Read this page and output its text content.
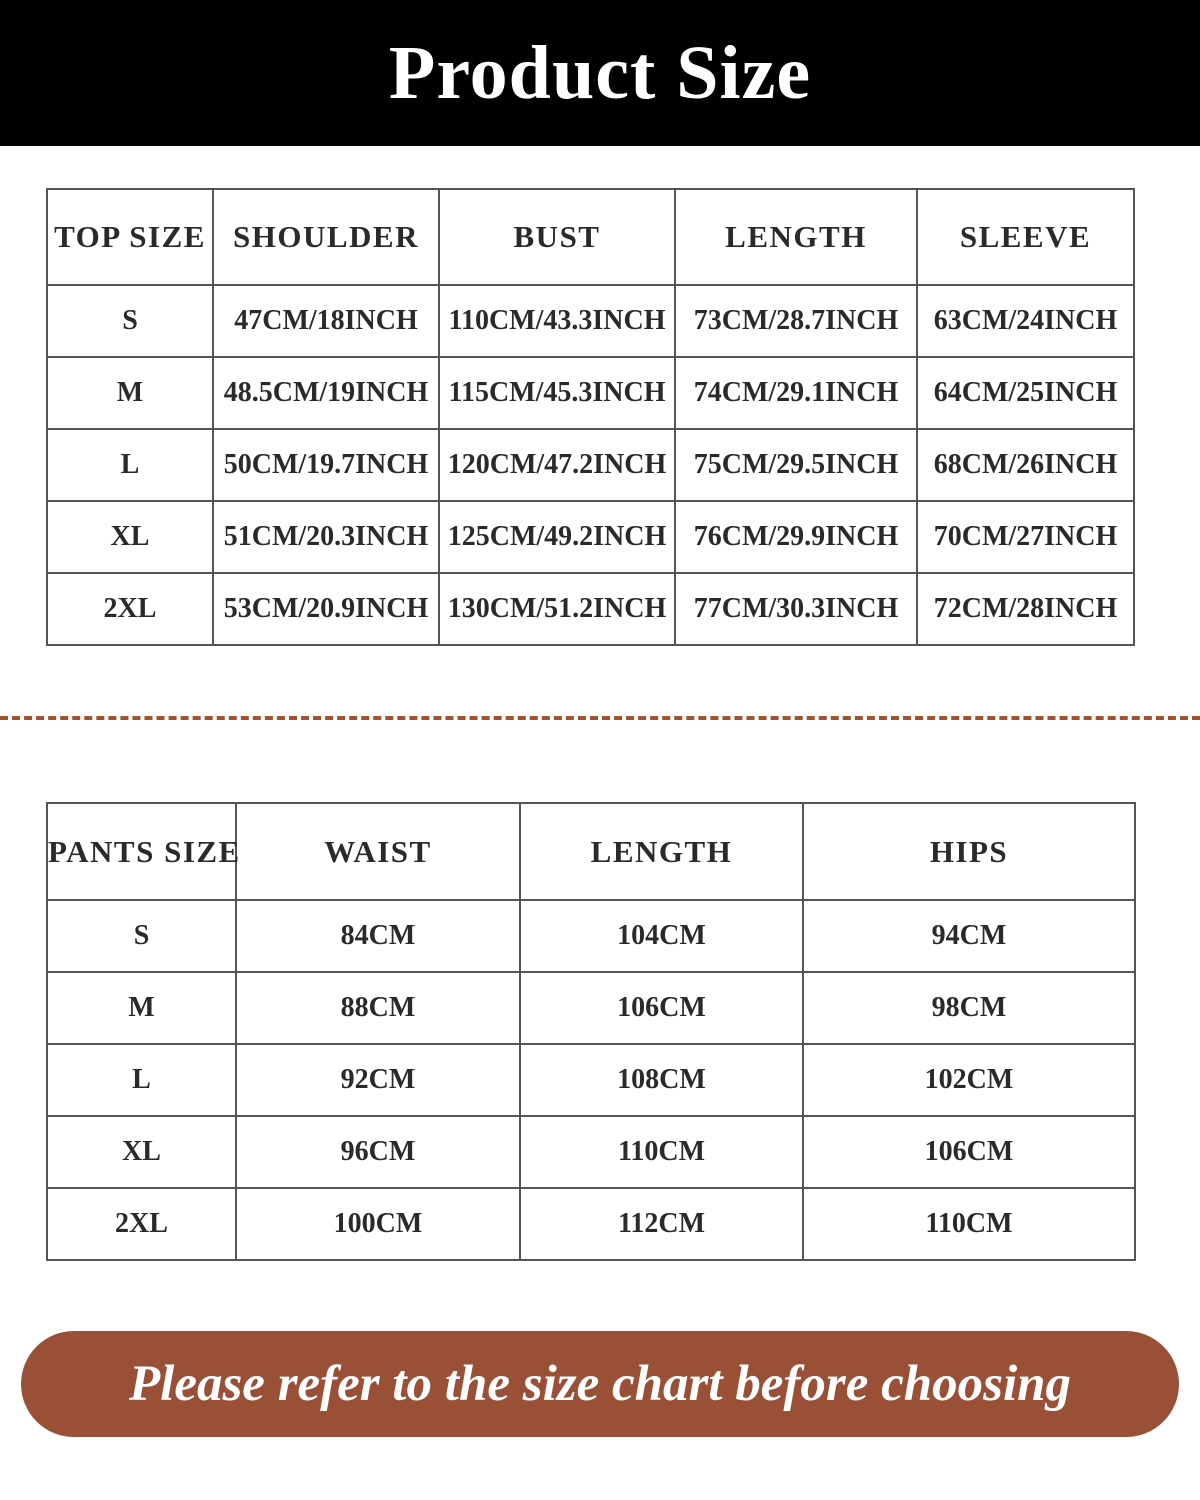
Product Size
TOP SIZE	SHOULDER	BUST	LENGTH	SLEEVE
S	47CM/18INCH	110CM/43.3INCH	73CM/28.7INCH	63CM/24INCH
M	48.5CM/19INCH	115CM/45.3INCH	74CM/29.1INCH	64CM/25INCH
L	50CM/19.7INCH	120CM/47.2INCH	75CM/29.5INCH	68CM/26INCH
XL	51CM/20.3INCH	125CM/49.2INCH	76CM/29.9INCH	70CM/27INCH
2XL	53CM/20.9INCH	130CM/51.2INCH	77CM/30.3INCH	72CM/28INCH
PANTS SIZE	WAIST	LENGTH	HIPS
S	84CM	104CM	94CM
M	88CM	106CM	98CM
L	92CM	108CM	102CM
XL	96CM	110CM	106CM
2XL	100CM	112CM	110CM
Please refer to the size chart before choosing
